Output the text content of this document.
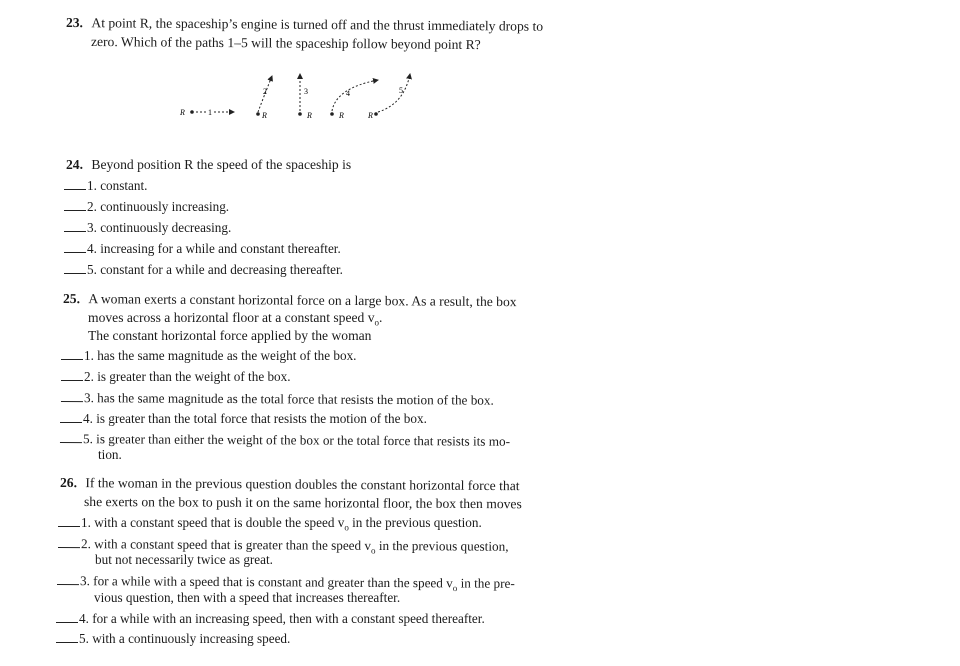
23. At point R, the spaceship’s engine is turned off and the thrust immediately drops to
zero. Which of the paths 1–5 will the spaceship follow beyond point R?
R	1	R
2
R
3
R
4
R
5
24. Beyond position R the speed of the spaceship is
1. constant.
2. continuously increasing.
3. continuously decreasing.
4. increasing for a while and constant thereafter.
5. constant for a while and decreasing thereafter.
25. A woman exerts a constant horizontal force on a large box. As a result, the box
moves across a horizontal floor at a constant speed $v_o$.
The constant horizontal force applied by the woman
1. has the same magnitude as the weight of the box.
2. is greater than the weight of the box.
3. has the same magnitude as the total force that resists the motion of the box.
4. is greater than the total force that resists the motion of the box.
5. is greater than either the weight of the box or the total force that resists its mo-
tion.
26. If the woman in the previous question doubles the constant horizontal force that
she exerts on the box to push it on the same horizontal floor, the box then moves
1. with a constant speed that is double the speed $v_o$ in the previous question.
2. with a constant speed that is greater than the speed $v_o$ in the previous question,
but not necessarily twice as great.
3. for a while with a speed that is constant and greater than the speed $v_o$ in the pre-
vious question, then with a speed that increases thereafter.
4. for a while with an increasing speed, then with a constant speed thereafter.
5. with a continuously increasing speed.
